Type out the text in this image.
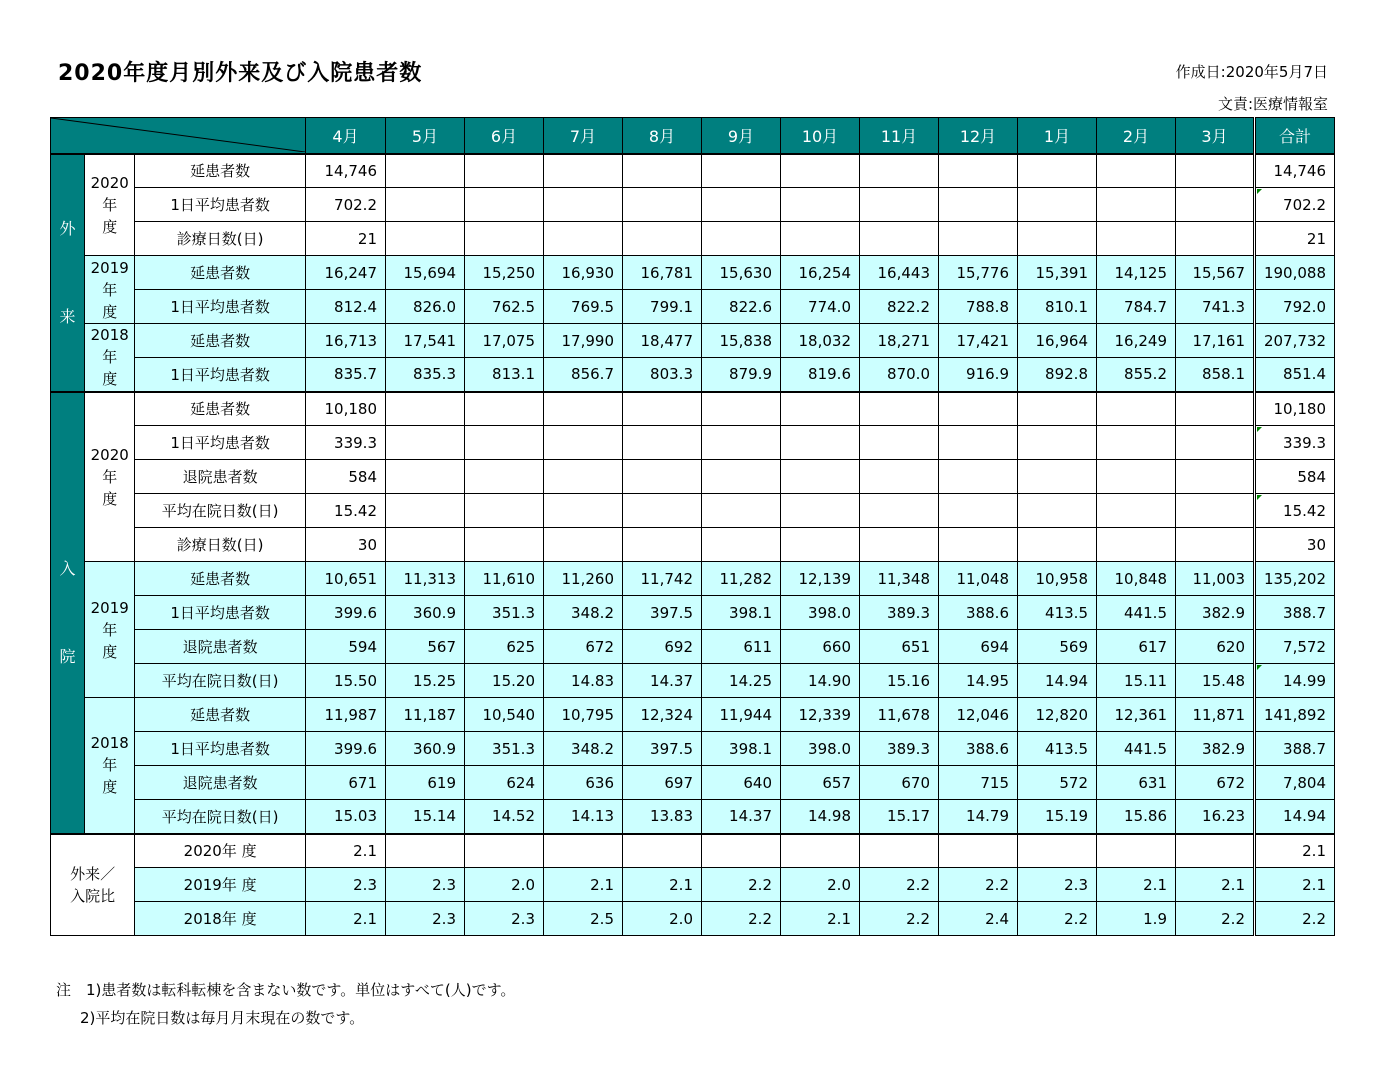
2020年度月別外来及び入院患者数	作成日:2020年5月7日
文責:医療情報室
	4月	5月	6月	7月	8月	9月	10月	11月	12月	1月	2月	3月	合計
外

来	2020
年
度	延患者数	14,746												14,746
		1日平均患者数	702.2												702.2
		診療日数(日)	21												21
	2019
年
度	延患者数	16,247	15,694	15,250	16,930	16,781	15,630	16,254	16,443	15,776	15,391	14,125	15,567	190,088
		1日平均患者数	812.4	826.0	762.5	769.5	799.1	822.6	774.0	822.2	788.8	810.1	784.7	741.3	792.0
	2018
年
度	延患者数	16,713	17,541	17,075	17,990	18,477	15,838	18,032	18,271	17,421	16,964	16,249	17,161	207,732
		1日平均患者数	835.7	835.3	813.1	856.7	803.3	879.9	819.6	870.0	916.9	892.8	855.2	858.1	851.4
入

院	2020
年
度	延患者数	10,180												10,180
		1日平均患者数	339.3												339.3
		退院患者数	584												584
		平均在院日数(日)	15.42												15.42
		診療日数(日)	30												30
	2019
年
度	延患者数	10,651	11,313	11,610	11,260	11,742	11,282	12,139	11,348	11,048	10,958	10,848	11,003	135,202
		1日平均患者数	399.6	360.9	351.3	348.2	397.5	398.1	398.0	389.3	388.6	413.5	441.5	382.9	388.7
		退院患者数	594	567	625	672	692	611	660	651	694	569	617	620	7,572
		平均在院日数(日)	15.50	15.25	15.20	14.83	14.37	14.25	14.90	15.16	14.95	14.94	15.11	15.48	14.99
	2018
年
度	延患者数	11,987	11,187	10,540	10,795	12,324	11,944	12,339	11,678	12,046	12,820	12,361	11,871	141,892
		1日平均患者数	399.6	360.9	351.3	348.2	397.5	398.1	398.0	389.3	388.6	413.5	441.5	382.9	388.7
		退院患者数	671	619	624	636	697	640	657	670	715	572	631	672	7,804
		平均在院日数(日)	15.03	15.14	14.52	14.13	13.83	14.37	14.98	15.17	14.79	15.19	15.86	16.23	14.94
外来／
入院比		2020年 度	2.1												2.1
		2019年 度	2.3	2.3	2.0	2.1	2.1	2.2	2.0	2.2	2.2	2.3	2.1	2.1	2.1
		2018年 度	2.1	2.3	2.3	2.5	2.0	2.2	2.1	2.2	2.4	2.2	1.9	2.2	2.2
注　1)患者数は転科転棟を含まない数です。単位はすべて(人)です。
2)平均在院日数は毎月月末現在の数です。
